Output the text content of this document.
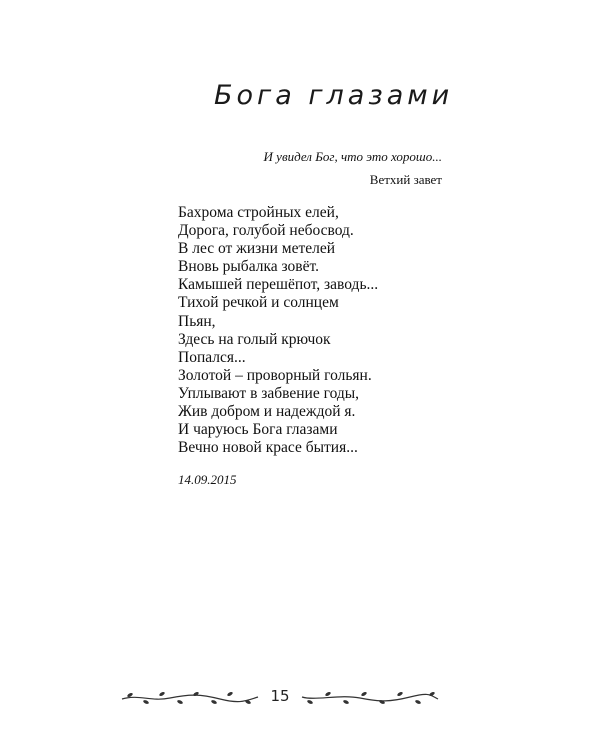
Бога глазами
И увидел Бог, что это хорошо...
Ветхий завет
Бахрома стройных елей,
Дорога, голубой небосвод.
В лес от жизни метелей
Вновь рыбалка зовёт.
Камышей перешёпот, заводь...
Тихой речкой и солнцем
Пьян,
Здесь на голый крючок
Попался...
Золотой – проворный гольян.
Уплывают в забвение годы,
Жив добром и надеждой я.
И чаруюсь Бога глазами
Вечно новой красе бытия...
14.09.2015
15
